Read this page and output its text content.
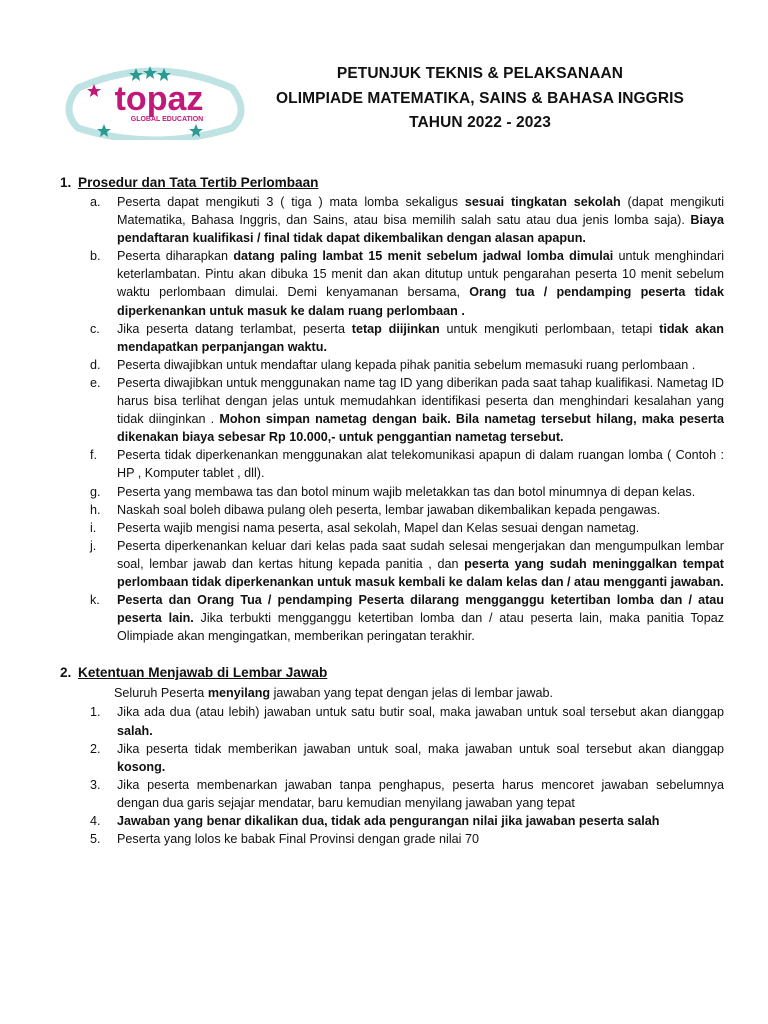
topaz
GLOBAL EDUCATION
PETUNJUK TEKNIS & PELAKSANAAN
OLIMPIADE MATEMATIKA, SAINS & BAHASA INGGRIS
TAHUN 2022 - 2023

1. Prosedur dan Tata Tertib Perlombaan

a. Peserta dapat mengikuti 3 ( tiga ) mata lomba sekaligus sesuai tingkatan sekolah (dapat mengikuti Matematika, Bahasa Inggris, dan Sains, atau bisa memilih salah satu atau dua jenis lomba saja). Biaya pendaftaran kualifikasi / final tidak dapat dikembalikan dengan alasan apapun.
b. Peserta diharapkan datang paling lambat 15 menit sebelum jadwal lomba dimulai untuk menghindari keterlambatan. Pintu akan dibuka 15 menit dan akan ditutup untuk pengarahan peserta 10 menit sebelum waktu perlombaan dimulai. Demi kenyamanan bersama, Orang tua / pendamping peserta tidak diperkenankan untuk masuk ke dalam ruang perlombaan .
c. Jika peserta datang terlambat, peserta tetap diijinkan untuk mengikuti perlombaan, tetapi tidak akan mendapatkan perpanjangan waktu.
d. Peserta diwajibkan untuk mendaftar ulang kepada pihak panitia sebelum memasuki ruang perlombaan .
e. Peserta diwajibkan untuk menggunakan name tag ID yang diberikan pada saat tahap kualifikasi. Nametag ID harus bisa terlihat dengan jelas untuk memudahkan identifikasi peserta dan menghindari kesalahan yang tidak diinginkan . Mohon simpan nametag dengan baik. Bila nametag tersebut hilang, maka peserta dikenakan biaya sebesar Rp 10.000,- untuk penggantian nametag tersebut.
f. Peserta tidak diperkenankan menggunakan alat telekomunikasi apapun di dalam ruangan lomba ( Contoh : HP , Komputer tablet , dll).
g. Peserta yang membawa tas dan botol minum wajib meletakkan tas dan botol minumnya di depan kelas.
h. Naskah soal boleh dibawa pulang oleh peserta, lembar jawaban dikembalikan kepada pengawas.
i. Peserta wajib mengisi nama peserta, asal sekolah, Mapel dan Kelas sesuai dengan nametag.
j. Peserta diperkenankan keluar dari kelas pada saat sudah selesai mengerjakan dan mengumpulkan lembar soal, lembar jawab dan kertas hitung kepada panitia , dan peserta yang sudah meninggalkan tempat perlombaan tidak diperkenankan untuk masuk kembali ke dalam kelas dan / atau mengganti jawaban.
k. Peserta dan Orang Tua / pendamping Peserta dilarang mengganggu ketertiban lomba dan / atau peserta lain. Jika terbukti mengganggu ketertiban lomba dan / atau peserta lain, maka panitia Topaz Olimpiade akan mengingatkan, memberikan peringatan terakhir.

2. Ketentuan Menjawab di Lembar Jawab

Seluruh Peserta menyilang jawaban yang tepat dengan jelas di lembar jawab.
1. Jika ada dua (atau lebih) jawaban untuk satu butir soal, maka jawaban untuk soal tersebut akan dianggap salah.
2. Jika peserta tidak memberikan jawaban untuk soal, maka jawaban untuk soal tersebut akan dianggap kosong.
3. Jika peserta membenarkan jawaban tanpa penghapus, peserta harus mencoret jawaban sebelumnya dengan dua garis sejajar mendatar, baru kemudian menyilang jawaban yang tepat
4. Jawaban yang benar dikalikan dua, tidak ada pengurangan nilai jika jawaban peserta salah
5. Peserta yang lolos ke babak Final Provinsi dengan grade nilai 70
